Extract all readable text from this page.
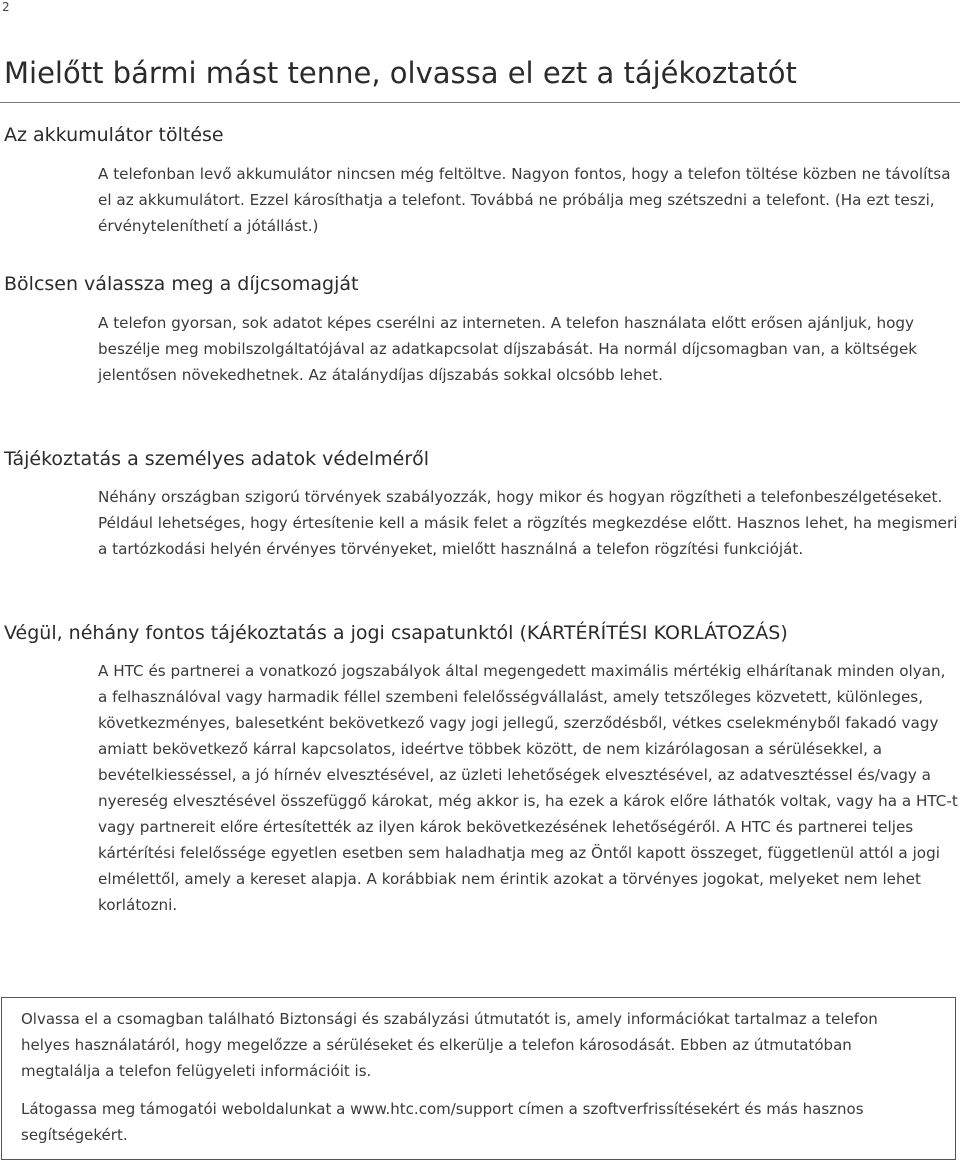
2
Mielőtt bármi mást tenne, olvassa el ezt a tájékoztatót
Az akkumulátor töltése

A telefonban levő akkumulátor nincsen még feltöltve. Nagyon fontos, hogy a telefon töltése közben ne távolítsa el az akkumulátort. Ezzel károsíthatja a telefont. Továbbá ne próbálja meg szétszedni a telefont. (Ha ezt teszi, érvényteleníthetí a jótállást.)

Bölcsen válassza meg a díjcsomagját

A telefon gyorsan, sok adatot képes cserélni az interneten. A telefon használata előtt erősen ajánljuk, hogy beszélje meg mobilszolgáltatójával az adatkapcsolat díjszabását. Ha normál díjcsomagban van, a költségek jelentősen növekedhetnek. Az átalánydíjas díjszabás sokkal olcsóbb lehet.

Tájékoztatás a személyes adatok védelméről

Néhány országban szigorú törvények szabályozzák, hogy mikor és hogyan rögzítheti a telefonbeszélgetéseket. Például lehetséges, hogy értesítenie kell a másik felet a rögzítés megkezdése előtt. Hasznos lehet, ha megismeri a tartózkodási helyén érvényes törvényeket, mielőtt használná a telefon rögzítési funkcióját.

Végül, néhány fontos tájékoztatás a jogi csapatunktól (KÁRTÉRÍTÉSI KORLÁTOZÁS)

A HTC és partnerei a vonatkozó jogszabályok által megengedett maximális mértékig elhárítanak minden olyan, a felhasználóval vagy harmadik féllel szembeni felelősségvállalást, amely tetszőleges közvetett, különleges, következményes, balesetként bekövetkező vagy jogi jellegű, szerződésből, vétkes cselekményből fakadó vagy amiatt bekövetkező kárral kapcsolatos, ideértve többek között, de nem kizárólagosan a sérülésekkel, a bevételkiesséssel, a jó hírnév elvesztésével, az üzleti lehetőségek elvesztésével, az adatvesztéssel és/vagy a nyereség elvesztésével összefüggő károkat, még akkor is, ha ezek a károk előre láthatók voltak, vagy ha a HTC-t vagy partnereit előre értesítették az ilyen károk bekövetkezésének lehetőségéről. A HTC és partnerei teljes kártérítési felelőssége egyetlen esetben sem haladhatja meg az Öntől kapott összeget, függetlenül attól a jogi elmélettől, amely a kereset alapja. A korábbiak nem érintik azokat a törvényes jogokat, melyeket nem lehet korlátozni.

Olvassa el a csomagban található Biztonsági és szabályzási útmutatót is, amely információkat tartalmaz a telefon helyes használatáról, hogy megelőzze a sérüléseket és elkerülje a telefon károsodását. Ebben az útmutatóban megtalálja a telefon felügyeleti információit is.

Látogassa meg támogatói weboldalunkat a www.htc.com/support címen a szoftverfrissítésekért és más hasznos segítségekért.
